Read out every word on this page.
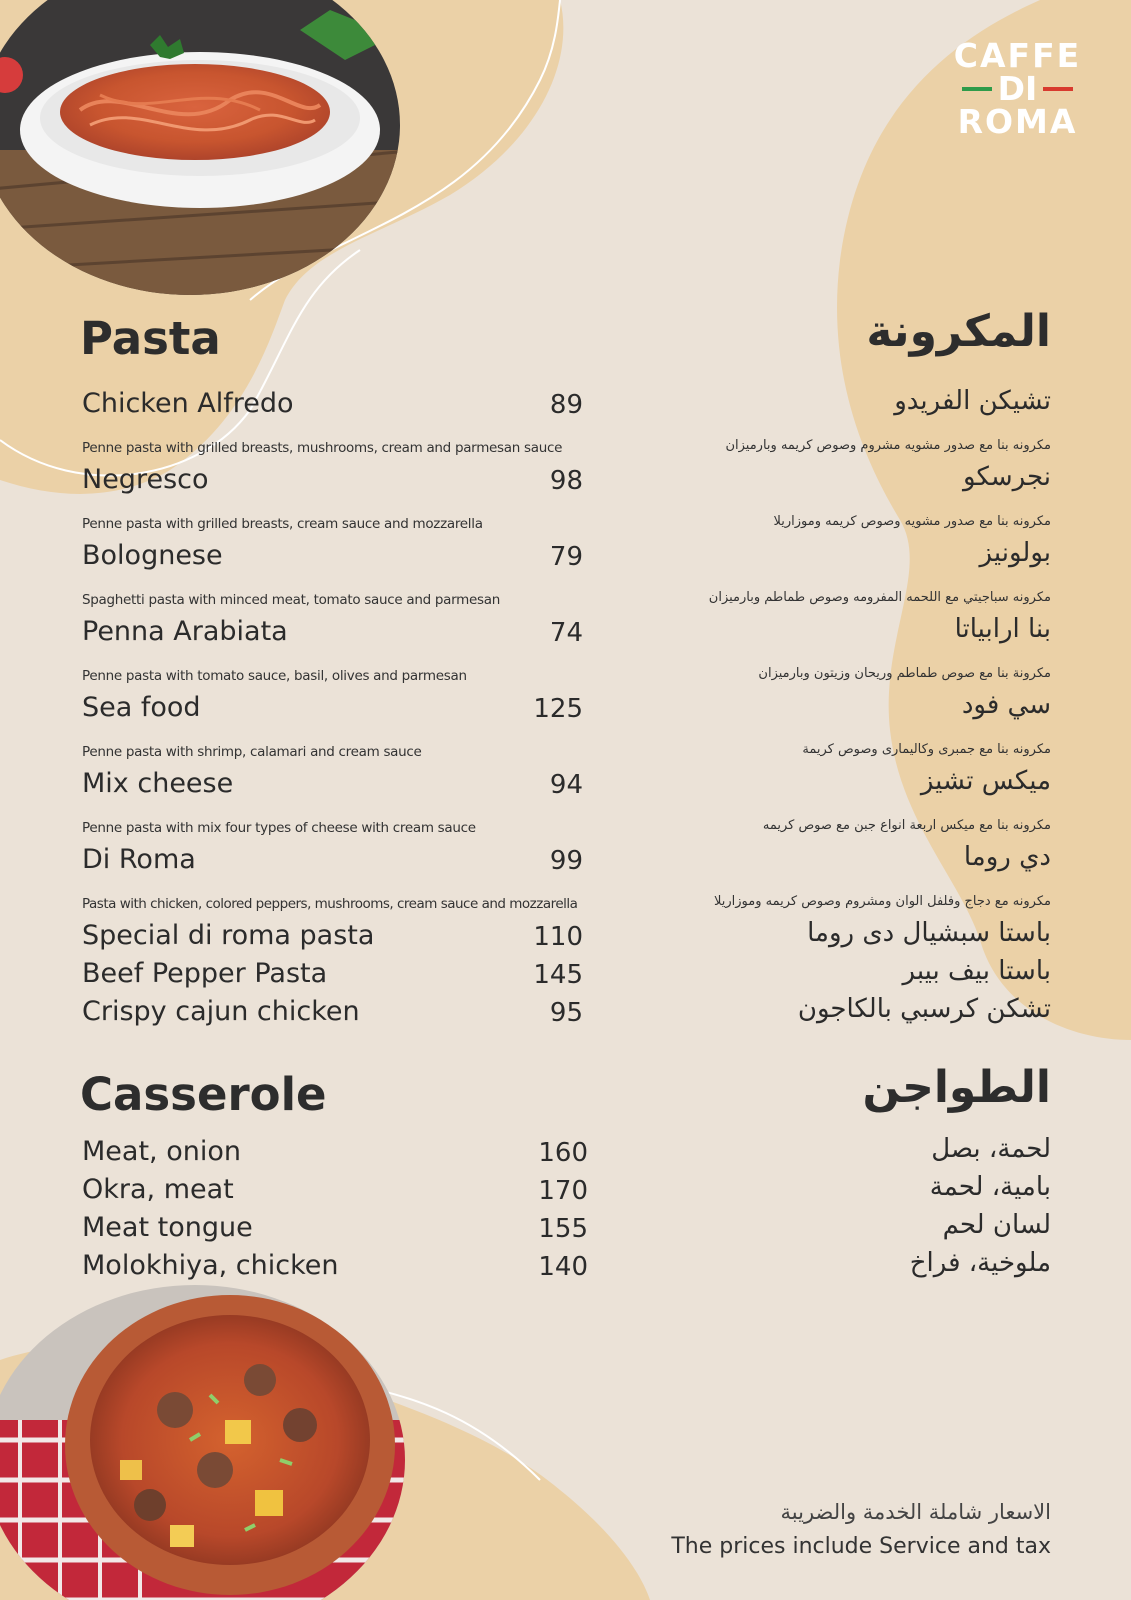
CAFFE
DI
ROMA
Pasta	المكرونة
Chicken Alfredo	89	تشيكن الفريدو
Penne pasta with grilled breasts, mushrooms, cream and parmesan sauce	مكرونه بنا مع صدور مشويه مشروم وصوص كريمه وبارميزان
Negresco	98	نجرسكو
Penne pasta with grilled breasts, cream sauce and mozzarella	مكرونه بنا مع صدور مشويه وصوص كريمه وموزاريلا
Bolognese	79	بولونيز
Spaghetti pasta with minced meat, tomato sauce and parmesan	مكرونه سباجيتي مع اللحمه المفرومه وصوص طماطم وبارميزان
Penna Arabiata	74	بنا ارابياتا
Penne pasta with tomato sauce, basil, olives and parmesan	مكرونة بنا مع صوص طماطم وريحان وزيتون وبارميزان
Sea food	125	سي فود
Penne pasta with shrimp, calamari and cream sauce	مكرونه بنا مع جمبرى وكاليمارى وصوص كريمة
Mix cheese	94	ميكس تشيز
Penne pasta with mix four types of cheese with cream sauce	مكرونه بنا مع ميكس اربعة انواع جبن مع صوص كريمه
Di Roma	99	دي روما
Pasta with chicken, colored peppers, mushrooms, cream sauce and mozzarella	مكرونه مع دجاج وفلفل الوان ومشروم وصوص كريمه وموزاريلا
Special di roma pasta	110	باستا سبشيال دى روما
Beef Pepper Pasta	145	باستا بيف بيبر
Crispy cajun chicken	95	تشكن كرسبي بالكاجون
Casserole	الطواجن
Meat, onion	160	لحمة، بصل
Okra, meat	170	بامية، لحمة
Meat tongue	155	لسان لحم
Molokhiya, chicken	140	ملوخية، فراخ
الاسعار شاملة الخدمة والضريبة
The prices include Service and tax
